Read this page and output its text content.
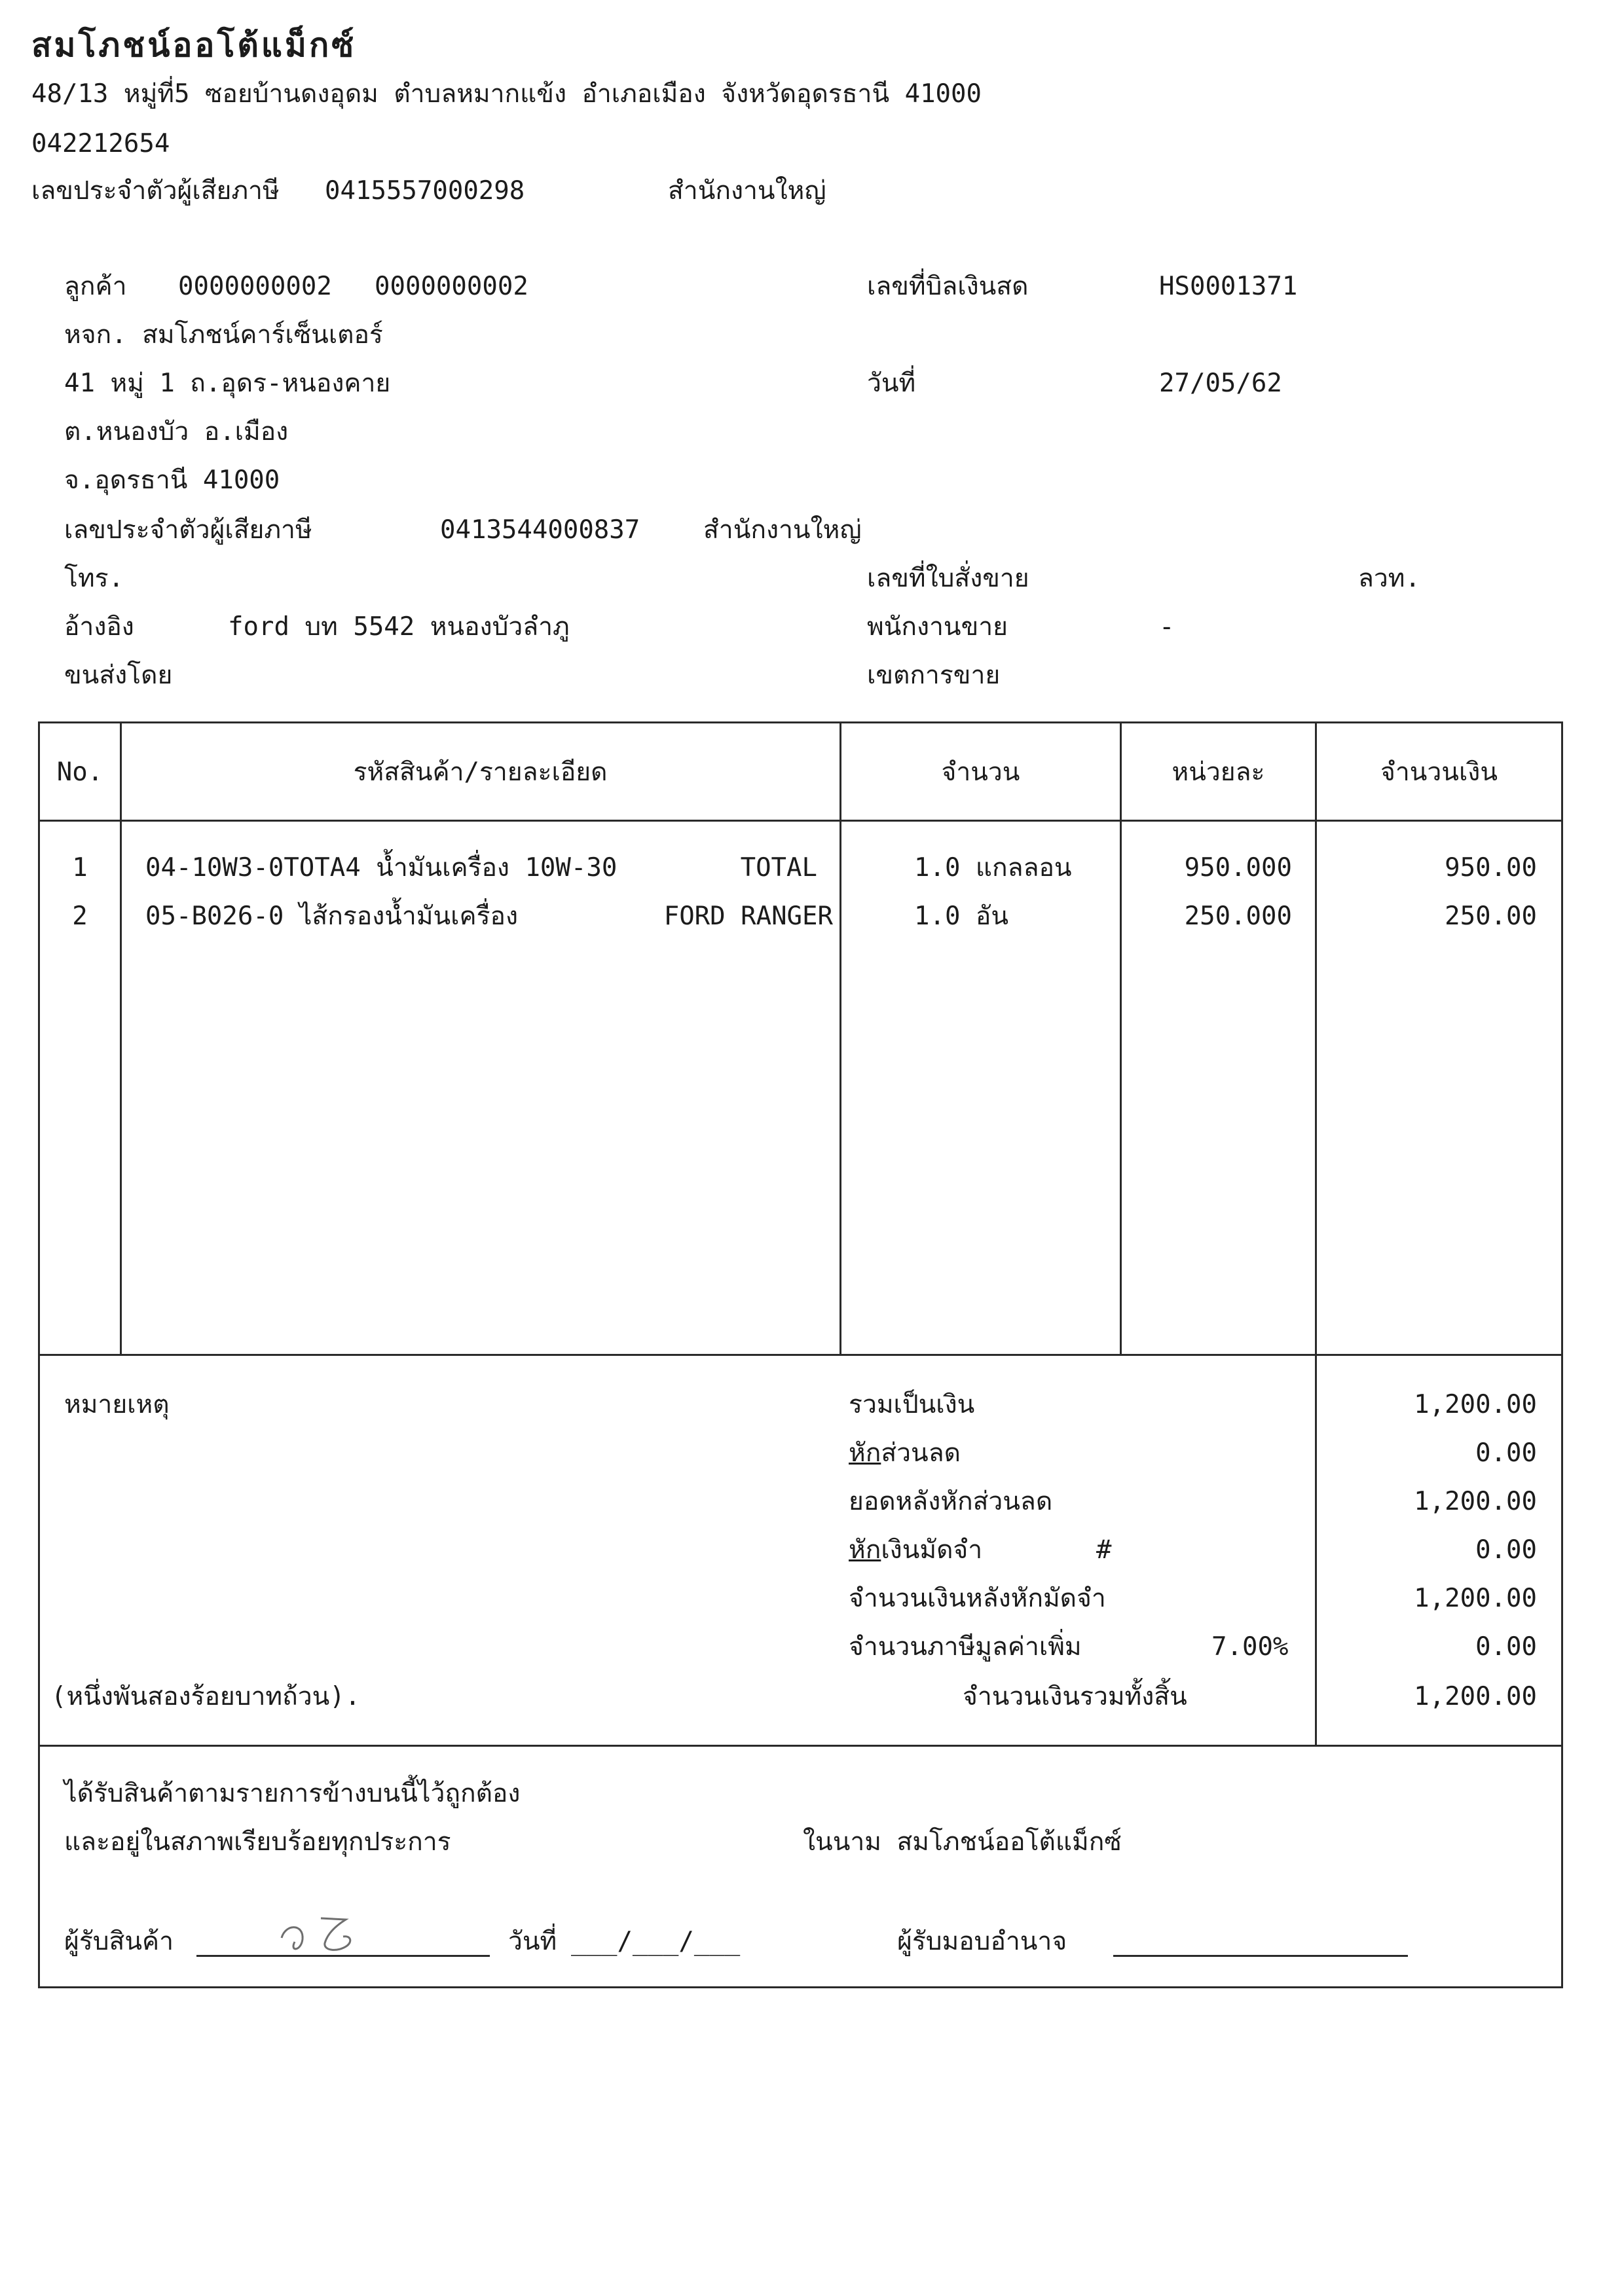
สมโภชน์ออโต้แม็กซ์
48/13 หมู่ที่5 ซอยบ้านดงอุดม ตำบลหมากแข้ง อำเภอเมือง จังหวัดอุดรธานี 41000
042212654
เลขประจำตัวผู้เสียภาษี 0415557000298	สำนักงานใหญ่
ลูกค้า 0000000002 0000000002
หจก. สมโภชน์คาร์เซ็นเตอร์
41 หมู่ 1 ถ.อุดร-หนองคาย
ต.หนองบัว อ.เมือง
จ.อุดรธานี 41000
เลขประจำตัวผู้เสียภาษี	0413544000837 สำนักงานใหญ่
โทร.
อ้างอิง	ford บท 5542 หนองบัวลำภู
ขนส่งโดย
เลขที่บิลเงินสด	HS0001371
วันที่	27/05/62
เลขที่ใบสั่งขาย	ลวท.
พนักงานขาย	-
เขตการขาย
No.	รหัสสินค้า/รายละเอียด	จำนวน	หน่วยละ	จำนวนเงิน
1	04-10W3-0TOTA4 น้ำมันเครื่อง 10W-30	TOTAL	1.0 แกลลอน	950.000	950.00
2	05-B026-0 ไส้กรองน้ำมันเครื่อง	FORD RANGER	1.0 อัน	250.000	250.00
หมายเหตุ	รวมเป็นเงิน	1,200.00
หักส่วนลด	0.00
ยอดหลังหักส่วนลด	1,200.00
หักเงินมัดจำ	#	0.00
จำนวนเงินหลังหักมัดจำ	1,200.00
จำนวนภาษีมูลค่าเพิ่ม	7.00%	0.00
(หนึ่งพันสองร้อยบาทถ้วน).	จำนวนเงินรวมทั้งสิ้น	1,200.00
ได้รับสินค้าตามรายการข้างบนนี้ไว้ถูกต้อง
และอยู่ในสภาพเรียบร้อยทุกประการ	ในนาม สมโภชน์ออโต้แม็กซ์
ผู้รับสินค้า	วันที่ ___/___/___	ผู้รับมอบอำนาจ
